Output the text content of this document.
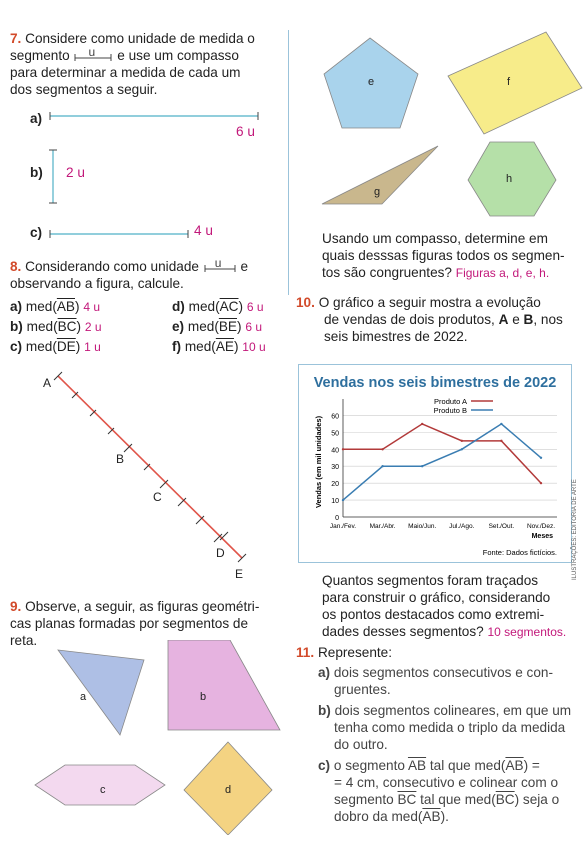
7. Considere como unidade de medida o
segmento u e use um compasso
para determinar a medida de cada um
dos segmentos a seguir.
a)
6 u
b) 2 u
c)	4 u
8. Considerando como unidade u e
observando a figura, calcule.
a) $med(\overline{AB})$ 4 u	d) $med(\overline{AC})$ 6 u
b) $med(\overline{BC})$ 2 u	e) $med(\overline{BE})$ 6 u
c) $med(\overline{DE})$ 1 u	f) $med(\overline{AE})$ 10 u
A
B
C
D
E
9. Observe, a seguir, as figuras geométri-
cas planas formadas por segmentos de
reta.
a	b
c	d
e	f
g
h
Usando um compasso, determine em
quais desssas figuras todos os segmen-
tos são congruentes? Figuras a, d, e, h.
10. O gráfico a seguir mostra a evolução
de vendas de dois produtos, A e B, nos
seis bimestres de 2022.
Vendas nos seis bimestres de 2022
0
10
20
30
40
50
60
Jan./Fev. Mar./Abr. Maio/Jun. Jul./Ago. Set./Out. Nov./Dez.
Meses
Vendas (em mil unidades)
Produto A
Produto B
Fonte: Dados fictícios.	ILUSTRAÇÕES: EDITORIA DE ARTE
Quantos segmentos foram traçados
para construir o gráfico, considerando
os pontos destacados como extremi-
dades desses segmentos? 10 segmentos.
11. Represente:
a) dois segmentos consecutivos e con-
gruentes.
b) dois segmentos colineares, em que um
tenha como medida o triplo da medida
do outro.
c) o segmento $\overline{AB}$ tal que $med(\overline{AB})$ =
= 4 cm, consecutivo e colinear com o
segmento $\overline{BC}$ tal que $med(\overline{BC})$ seja o
dobro da $med(\overline{AB})$.
